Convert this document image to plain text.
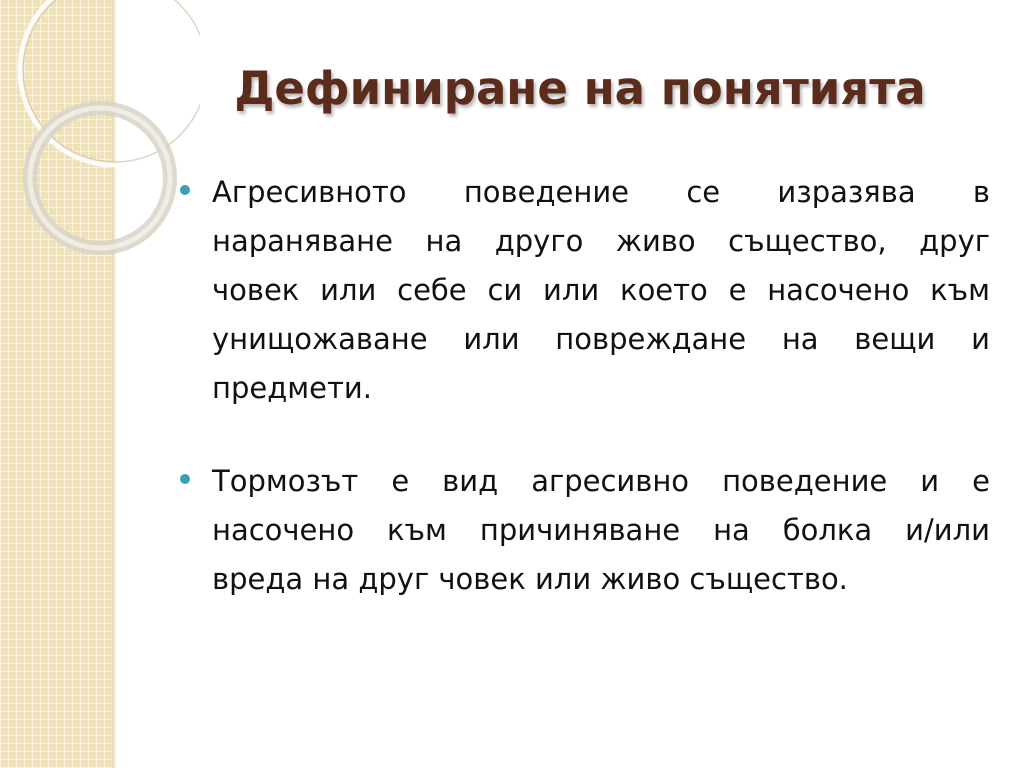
Дефиниране на понятията
Агресивното поведение се изразява в
нараняване на друго живо същество, друг
човек или себе си или което е насочено към
унищожаване или повреждане на вещи и
предмети.
Тормозът е вид агресивно поведение и е
насочено към причиняване на болка и/или
вреда на друг човек или живо същество.
